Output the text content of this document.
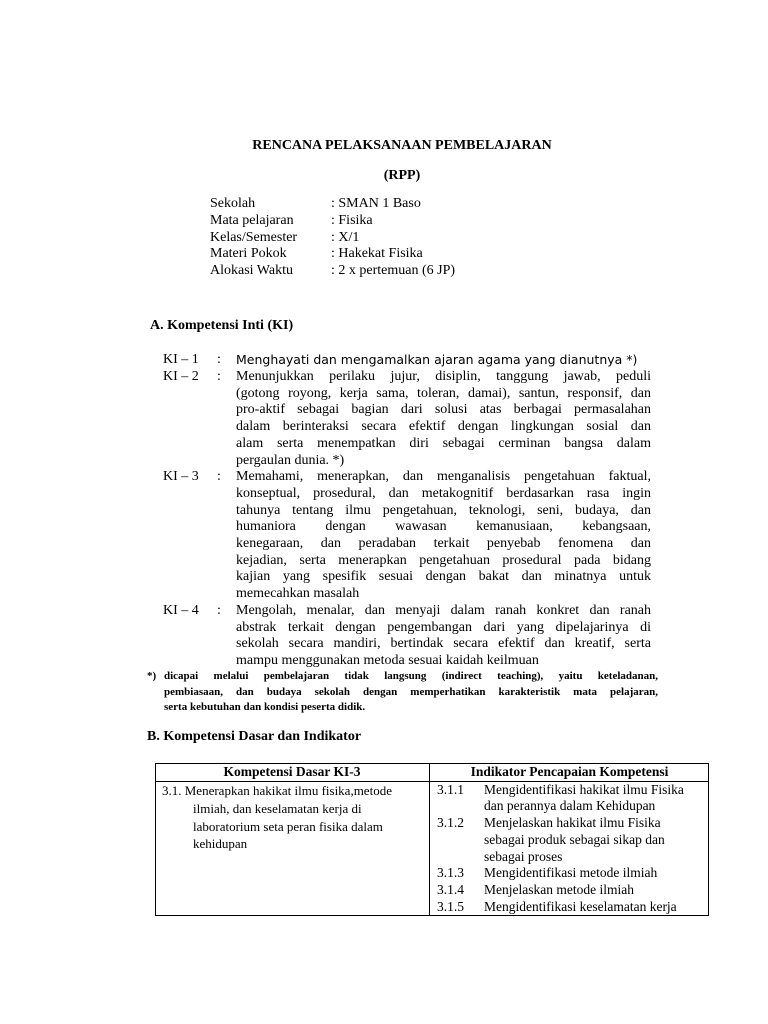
RENCANA PELAKSANAAN PEMBELAJARAN
(RPP)
Sekolah	: SMAN 1 Baso
Mata pelajaran	: Fisika
Kelas/Semester : X/1
Materi Pokok	: Hakekat Fisika
Alokasi Waktu	: 2 x pertemuan (6 JP)
A. Kompetensi Inti (KI)
KI – 1 : Menghayati dan mengamalkan ajaran agama yang dianutnya *)
KI – 2 : Menunjukkan perilaku jujur, disiplin, tanggung jawab, peduli
(gotong royong, kerja sama, toleran, damai), santun, responsif, dan
pro-aktif sebagai bagian dari solusi atas berbagai permasalahan
dalam berinteraksi secara efektif dengan lingkungan sosial dan
alam serta menempatkan diri sebagai cerminan bangsa dalam
pergaulan dunia. *)
KI – 3 : Memahami, menerapkan, dan menganalisis pengetahuan faktual,
konseptual, prosedural, dan metakognitif berdasarkan rasa ingin
tahunya tentang ilmu pengetahuan, teknologi, seni, budaya, dan
humaniora dengan wawasan kemanusiaan, kebangsaan,
kenegaraan, dan peradaban terkait penyebab fenomena dan
kejadian, serta menerapkan pengetahuan prosedural pada bidang
kajian yang spesifik sesuai dengan bakat dan minatnya untuk
memecahkan masalah
KI – 4 : Mengolah, menalar, dan menyaji dalam ranah konkret dan ranah
abstrak terkait dengan pengembangan dari yang dipelajarinya di
sekolah secara mandiri, bertindak secara efektif dan kreatif, serta
mampu menggunakan metoda sesuai kaidah keilmuan
*) dicapai melalui pembelajaran tidak langsung (indirect teaching), yaitu keteladanan,
pembiasaan, dan budaya sekolah dengan memperhatikan karakteristik mata pelajaran,
serta kebutuhan dan kondisi peserta didik.
B. Kompetensi Dasar dan Indikator
Kompetensi Dasar KI-3	Indikator Pencapaian Kompetensi
3.1. Menerapkan hakikat ilmu fisika,metode
ilmiah, dan keselamatan kerja di
laboratorium seta peran fisika dalam
kehidupan
3.1.1 Mengidentifikasi hakikat ilmu Fisika
dan perannya dalam Kehidupan
3.1.2 Menjelaskan hakikat ilmu Fisika
sebagai produk sebagai sikap dan
sebagai proses
3.1.3 Mengidentifikasi metode ilmiah
3.1.4 Menjelaskan metode ilmiah
3.1.5 Mengidentifikasi keselamatan kerja
